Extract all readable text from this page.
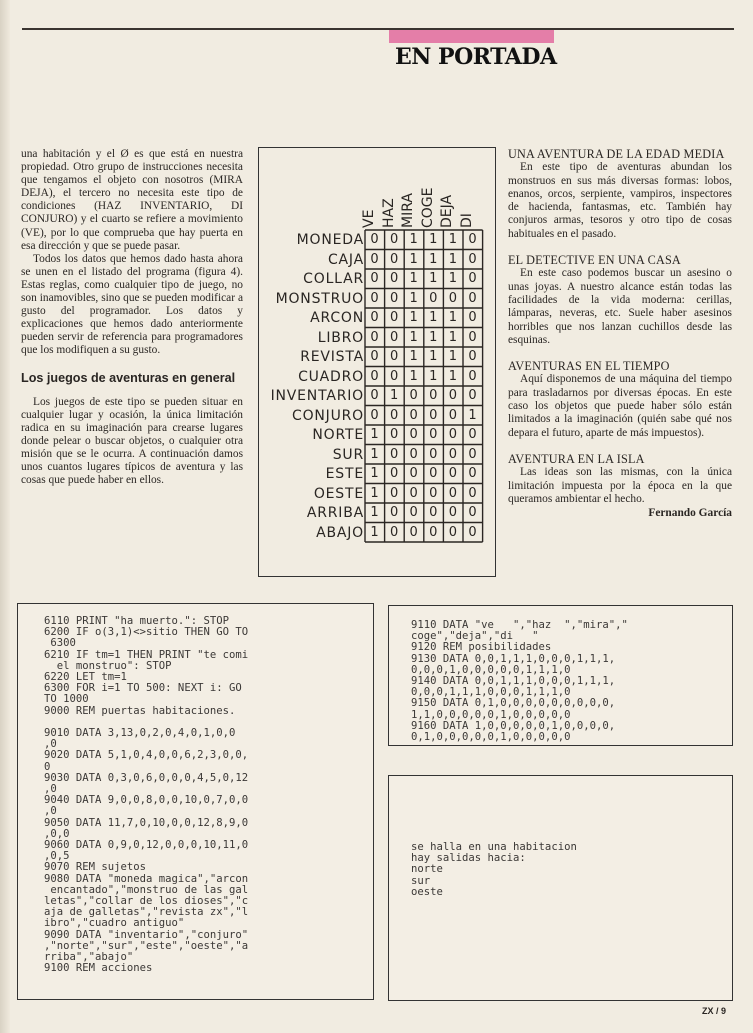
EN PORTADA

una habitación y el Ø es que está en nuestra propiedad. Otro grupo de instrucciones necesita que tengamos el objeto con nosotros (MIRA DEJA), el tercero no necesita este tipo de condiciones (HAZ INVENTARIO, DI CONJURO) y el cuarto se refiere a movimiento (VE), por lo que comprueba que hay puerta en esa dirección y que se puede pasar.

Todos los datos que hemos dado hasta ahora se unen en el listado del programa (figura 4). Estas reglas, como cualquier tipo de juego, no son inamovibles, sino que se pueden modificar a gusto del programador. Los datos y explicaciones que hemos dado anteriormente pueden servir de referencia para programadores que los modifiquen a su gusto.

Los juegos de aventuras en general

Los juegos de este tipo se pueden situar en cualquier lugar y ocasión, la única limitación radica en su imaginación para crearse lugares donde pelear o buscar objetos, o cualquier otra misión que se le ocurra. A continuación damos unos cuantos lugares típicos de aventura y las cosas que puede haber en ellos.

VE HAZ MIRA COGE DEJA DI
MONEDA 0 0 1 1 1 0
CAJA 0 0 1 1 1 0
COLLAR 0 0 1 1 1 0
MONSTRUO 0 0 1 0 0 0
ARCON 0 0 1 1 1 0
LIBRO 0 0 1 1 1 0
REVISTA 0 0 1 1 1 0
CUADRO 0 0 1 1 1 0
INVENTARIO 0 1 0 0 0 0
CONJURO 0 0 0 0 0 1
NORTE 1 0 0 0 0 0
SUR 1 0 0 0 0 0
ESTE 1 0 0 0 0 0
OESTE 1 0 0 0 0 0
ARRIBA 1 0 0 0 0 0
ABAJO 1 0 0 0 0 0
UNA AVENTURA DE LA EDAD MEDIA

En este tipo de aventuras abundan los monstruos en sus más diversas formas: lobos, enanos, orcos, serpiente, vampiros, inspectores de hacienda, fantasmas, etc. También hay conjuros armas, tesoros y otro tipo de cosas habituales en el pasado.

EL DETECTIVE EN UNA CASA

En este caso podemos buscar un asesino o unas joyas. A nuestro alcance están todas las facilidades de la vida moderna: cerillas, lámparas, neveras, etc. Suele haber asesinos horribles que nos lanzan cuchillos desde las esquinas.

AVENTURAS EN EL TIEMPO

Aquí disponemos de una máquina del tiempo para trasladarnos por diversas épocas. En este caso los objetos que puede haber sólo están limitados a la imaginación (quién sabe qué nos depara el futuro, aparte de más impuestos).

AVENTURA EN LA ISLA

Las ideas son las mismas, con la única limitación impuesta por la época en la que queramos ambientar el hecho.

Fernando García

6110 PRINT "ha muerto.": STOP
6200 IF o(3,1)<>sitio THEN GO TO
6300
6210 IF tm=1 THEN PRINT "te comi
el monstruo": STOP
6220 LET tm=1
6300 FOR i=1 TO 500: NEXT i: GO
TO 1000
9000 REM puertas habitaciones.

9010 DATA 3,13,0,2,0,4,0,1,0,0
,0
9020 DATA 5,1,0,4,0,0,6,2,3,0,0,
0
9030 DATA 0,3,0,6,0,0,0,4,5,0,12
,0
9040 DATA 9,0,0,8,0,0,10,0,7,0,0
,0
9050 DATA 11,7,0,10,0,0,12,8,9,0
,0,0
9060 DATA 0,9,0,12,0,0,0,10,11,0
,0,5
9070 REM sujetos
9080 DATA "moneda magica","arcon
encantado","monstruo de las gal
letas","collar de los dioses","c
aja de galletas","revista zx","l
ibro","cuadro antiguo"
9090 DATA "inventario","conjuro"
,"norte","sur","este","oeste","a
rriba","abajo"
9100 REM acciones
9110 DATA "ve   ","haz  ","mira","
coge","deja","di   "
9120 REM posibilidades
9130 DATA 0,0,1,1,1,0,0,0,1,1,1,
0,0,0,1,0,0,0,0,0,1,1,1,0
9140 DATA 0,0,1,1,1,0,0,0,1,1,1,
0,0,0,1,1,1,0,0,0,1,1,1,0
9150 DATA 0,1,0,0,0,0,0,0,0,0,0,
1,1,0,0,0,0,0,1,0,0,0,0,0
9160 DATA 1,0,0,0,0,0,1,0,0,0,0,
0,1,0,0,0,0,0,1,0,0,0,0,0
se halla en una habitacion
hay salidas hacia:
norte
sur
oeste
ZX / 9
